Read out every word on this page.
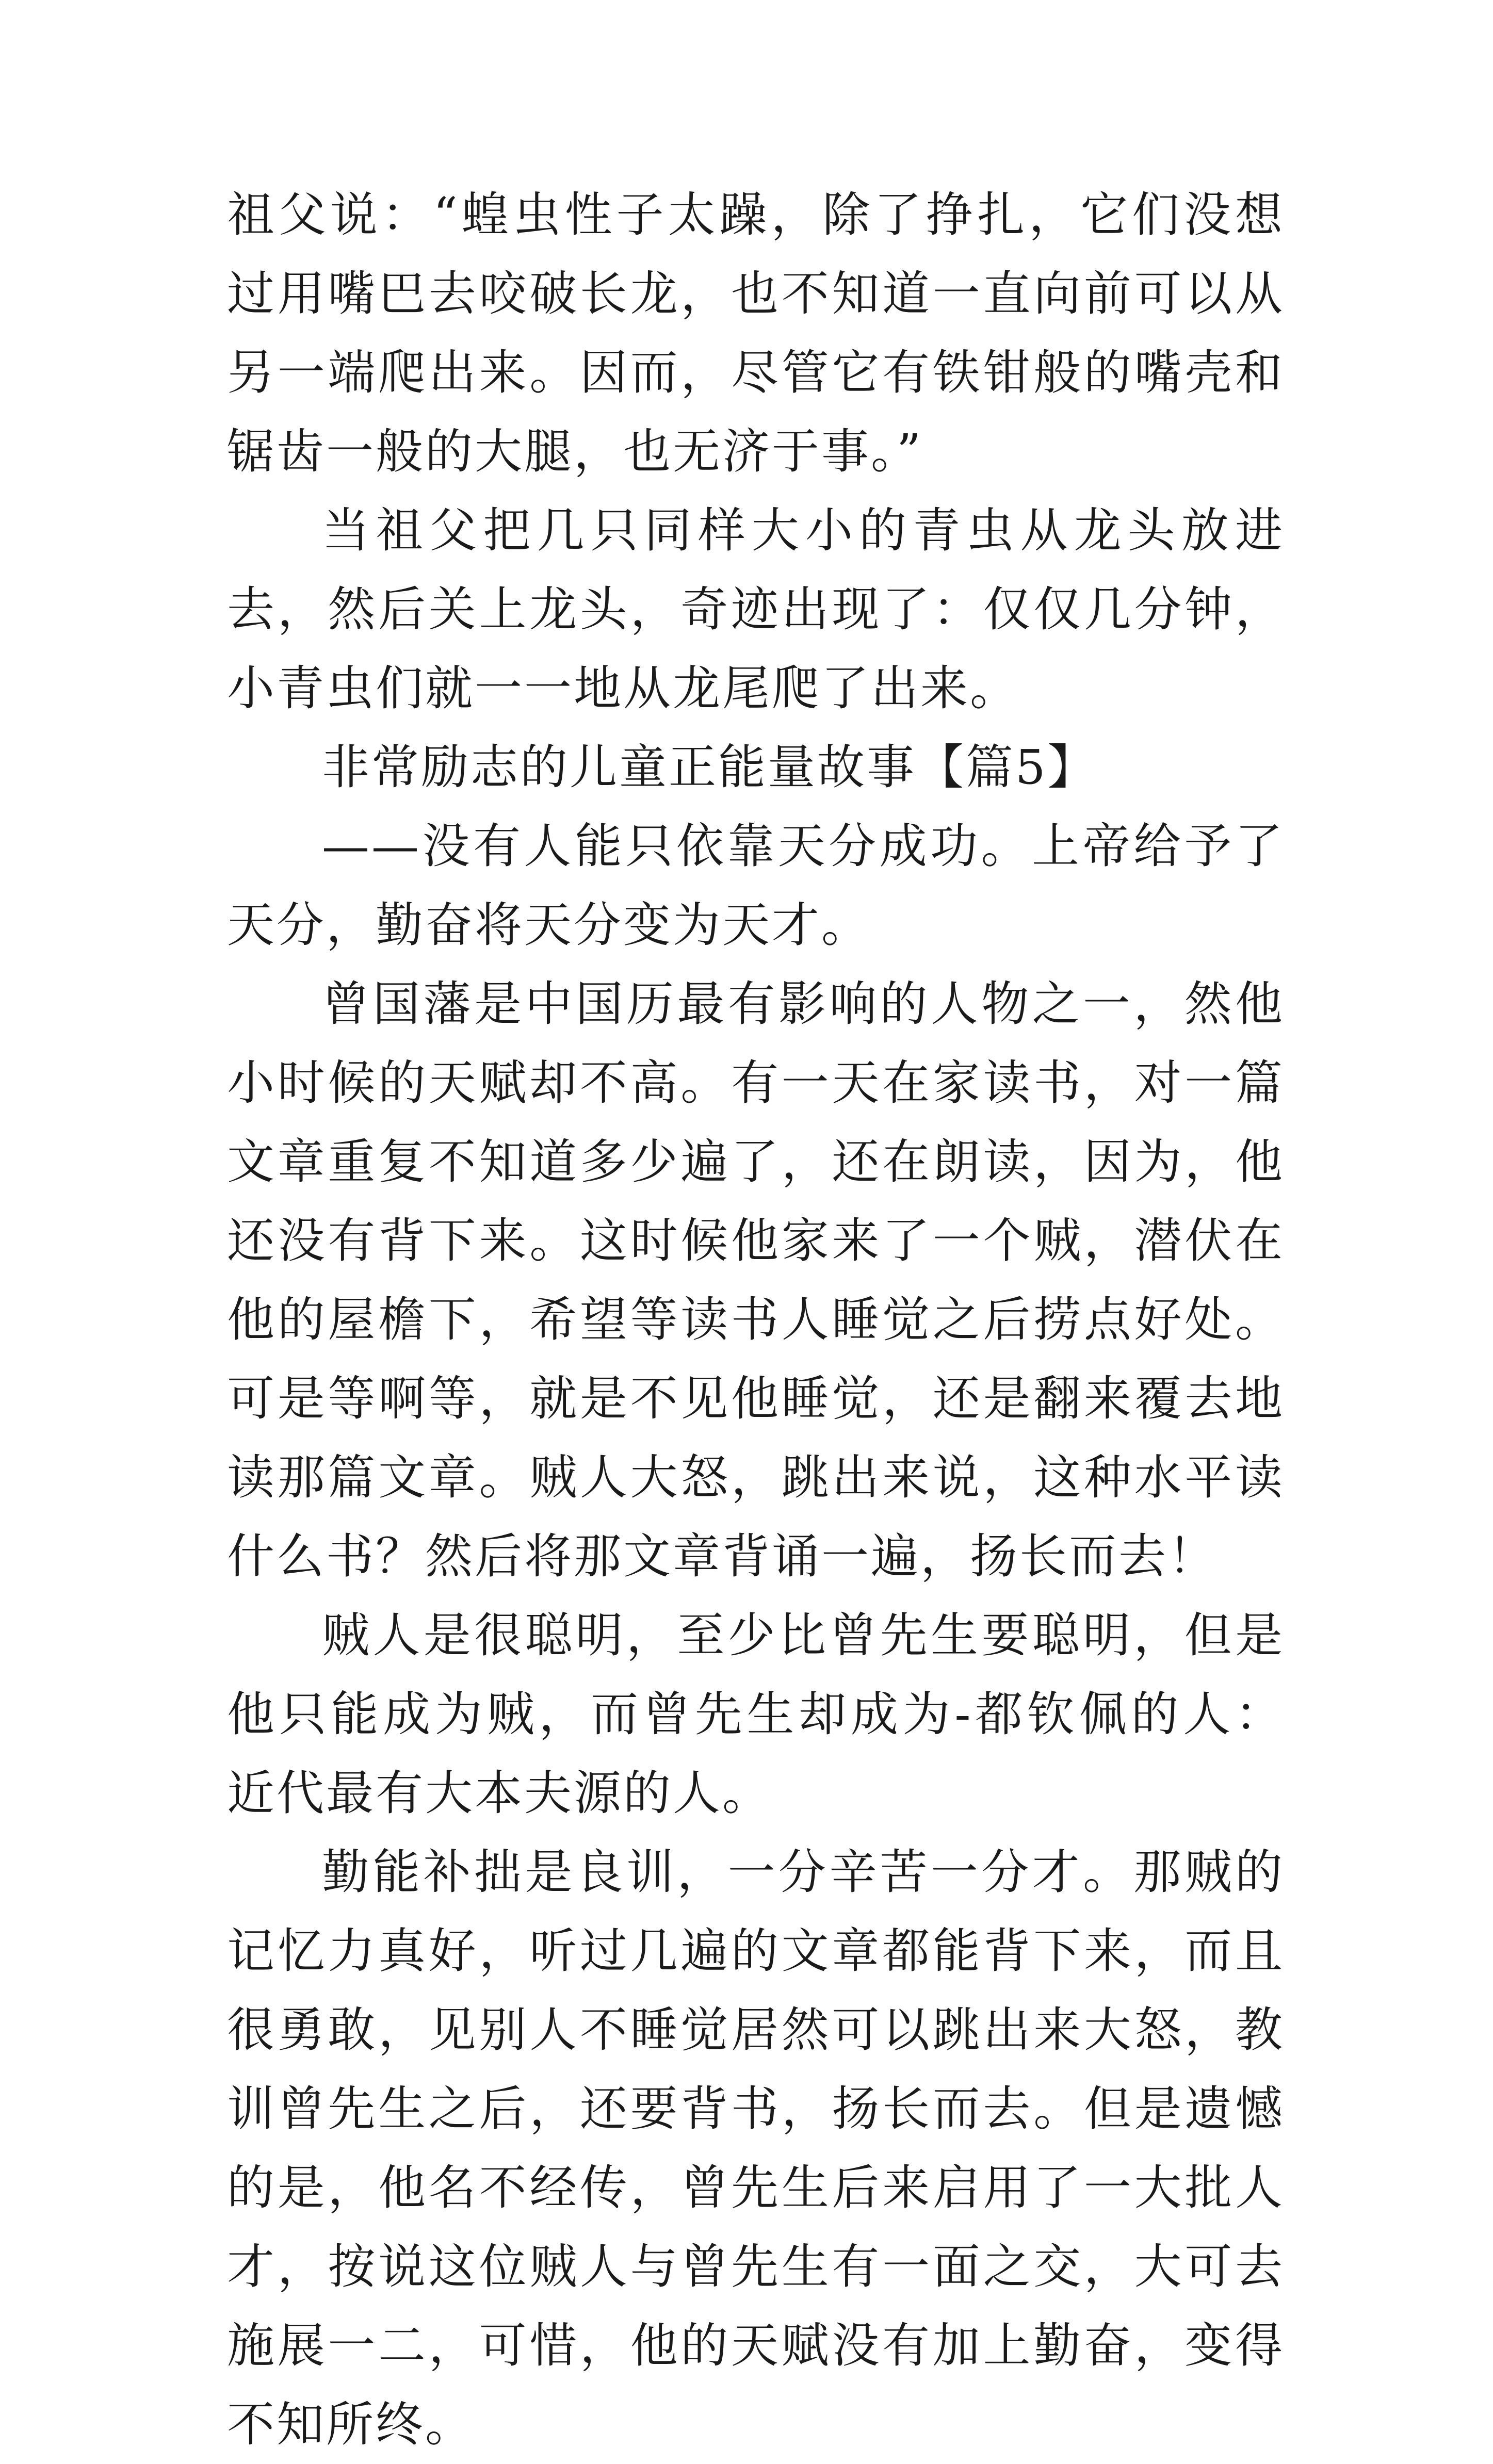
祖父说：“蝗虫性子太躁，除了挣扎，它们没想过用嘴巴去咬破长龙，也不知道一直向前可以从另一端爬出来。因而，尽管它有铁钳般的嘴壳和锯齿一般的大腿，也无济于事。”

当祖父把几只同样大小的青虫从龙头放进去，然后关上龙头，奇迹出现了：仅仅几分钟，小青虫们就一一地从龙尾爬了出来。

非常励志的儿童正能量故事【篇5】

——没有人能只依靠天分成功。上帝给予了天分，勤奋将天分变为天才。

曾国藩是中国历最有影响的人物之一，然他小时候的天赋却不高。有一天在家读书，对一篇文章重复不知道多少遍了，还在朗读，因为，他还没有背下来。这时候他家来了一个贼，潜伏在他的屋檐下，希望等读书人睡觉之后捞点好处。可是等啊等，就是不见他睡觉，还是翻来覆去地读那篇文章。贼人大怒，跳出来说，这种水平读什么书？然后将那文章背诵一遍，扬长而去！

贼人是很聪明，至少比曾先生要聪明，但是他只能成为贼，而曾先生却成为-都钦佩的人：近代最有大本夫源的人。

勤能补拙是良训，一分辛苦一分才。那贼的记忆力真好，听过几遍的文章都能背下来，而且很勇敢，见别人不睡觉居然可以跳出来大怒，教训曾先生之后，还要背书，扬长而去。但是遗憾的是，他名不经传，曾先生后来启用了一大批人才，按说这位贼人与曾先生有一面之交，大可去施展一二，可惜，他的天赋没有加上勤奋，变得不知所终。
